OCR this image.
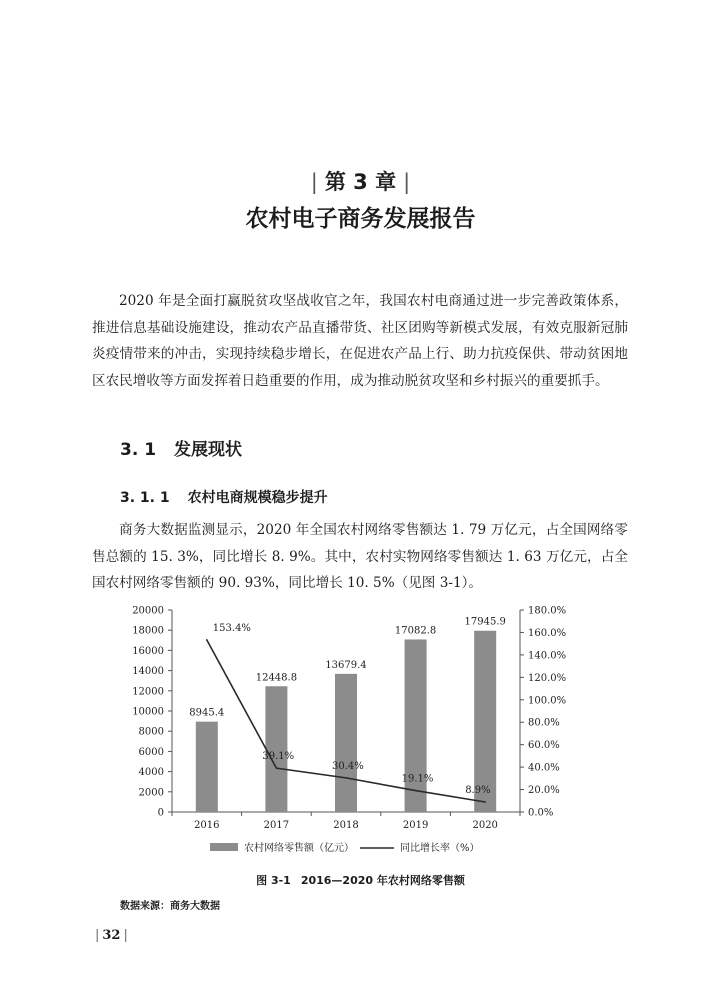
| 第 3 章 |
农村电子商务发展报告

2020 年是全面打赢脱贫攻坚战收官之年，我国农村电商通过进一步完善政策体系，推进信息基础设施建设，推动农产品直播带货、社区团购等新模式发展，有效克服新冠肺炎疫情带来的冲击，实现持续稳步增长，在促进农产品上行、助力抗疫保供、带动贫困地区农民增收等方面发挥着日趋重要的作用，成为推动脱贫攻坚和乡村振兴的重要抓手。

3. 1 发展现状
3. 1. 1 农村电商规模稳步提升

商务大数据监测显示，2020 年全国农村网络零售额达 1. 79 万亿元，占全国网络零售总额的 15. 3%，同比增长 8. 9%。其中，农村实物网络零售额达 1. 63 万亿元，占全国农村网络零售额的 90. 93%，同比增长 10. 5%（见图 3-1）。

0
2000
4000
6000
8000
10000
12000
14000
16000
18000
20000
0.0%
20.0%
40.0%
60.0%
80.0%
100.0%
120.0%
140.0%
160.0%
180.0%
2016	2017	2018	2019	2020
8945.4
12448.8
13679.4
17082.8
17945.9
153.4%
39.1%
30.4%
19.1%
8.9%
农村网络零售额（亿元）	同比增长率（%）
图 3-1 2016—2020 年农村网络零售额
数据来源：商务大数据
| 32 |
